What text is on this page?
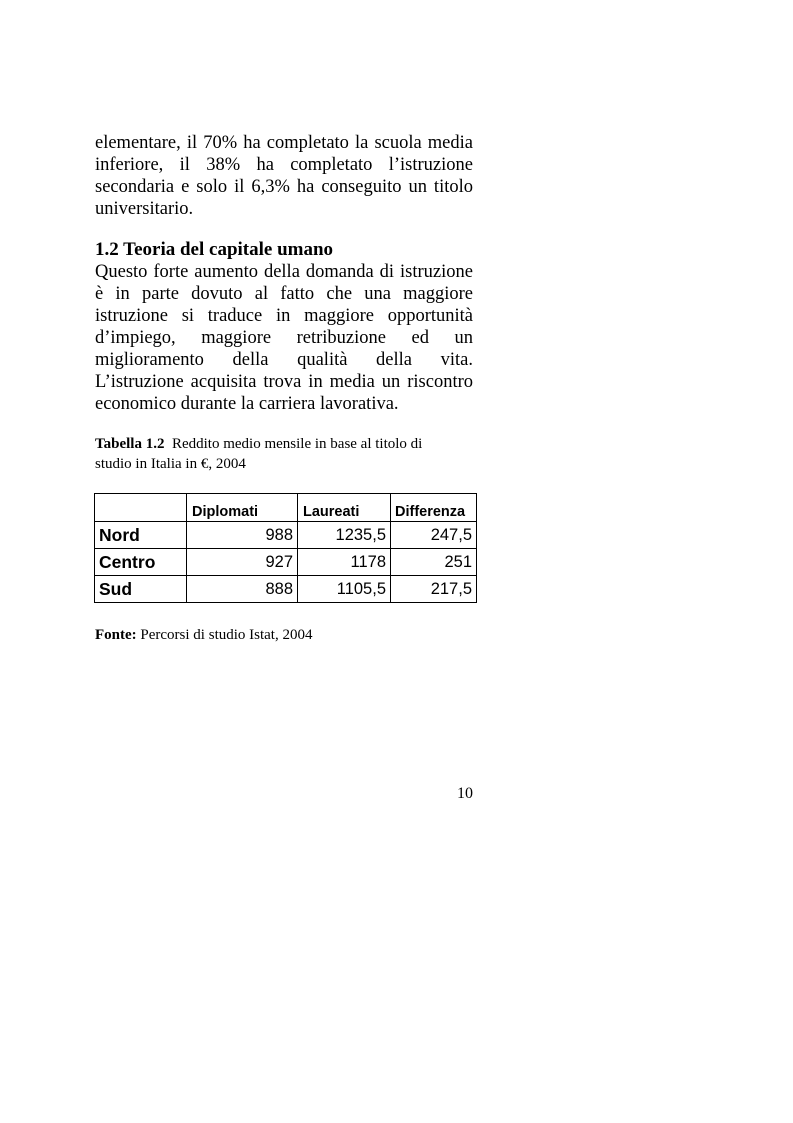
elementare, il 70% ha completato la scuola media
inferiore, il 38% ha completato l’istruzione
secondaria e solo il 6,3% ha conseguito un titolo
universitario.
1.2 Teoria del capitale umano
Questo forte aumento della domanda di istruzione
è in parte dovuto al fatto che una maggiore
istruzione si traduce in maggiore opportunità
d’impiego, maggiore retribuzione ed un
miglioramento della qualità della vita.
L’istruzione acquisita trova in media un riscontro
economico durante la carriera lavorativa.
Tabella 1.2 Reddito medio mensile in base al titolo di
studio in Italia in €, 2004
	Diplomati	Laureati	Differenza
Nord	988	1235,5	247,5
Centro	927	1178	251
Sud	888	1105,5	217,5
Fonte: Percorsi di studio Istat, 2004
10
